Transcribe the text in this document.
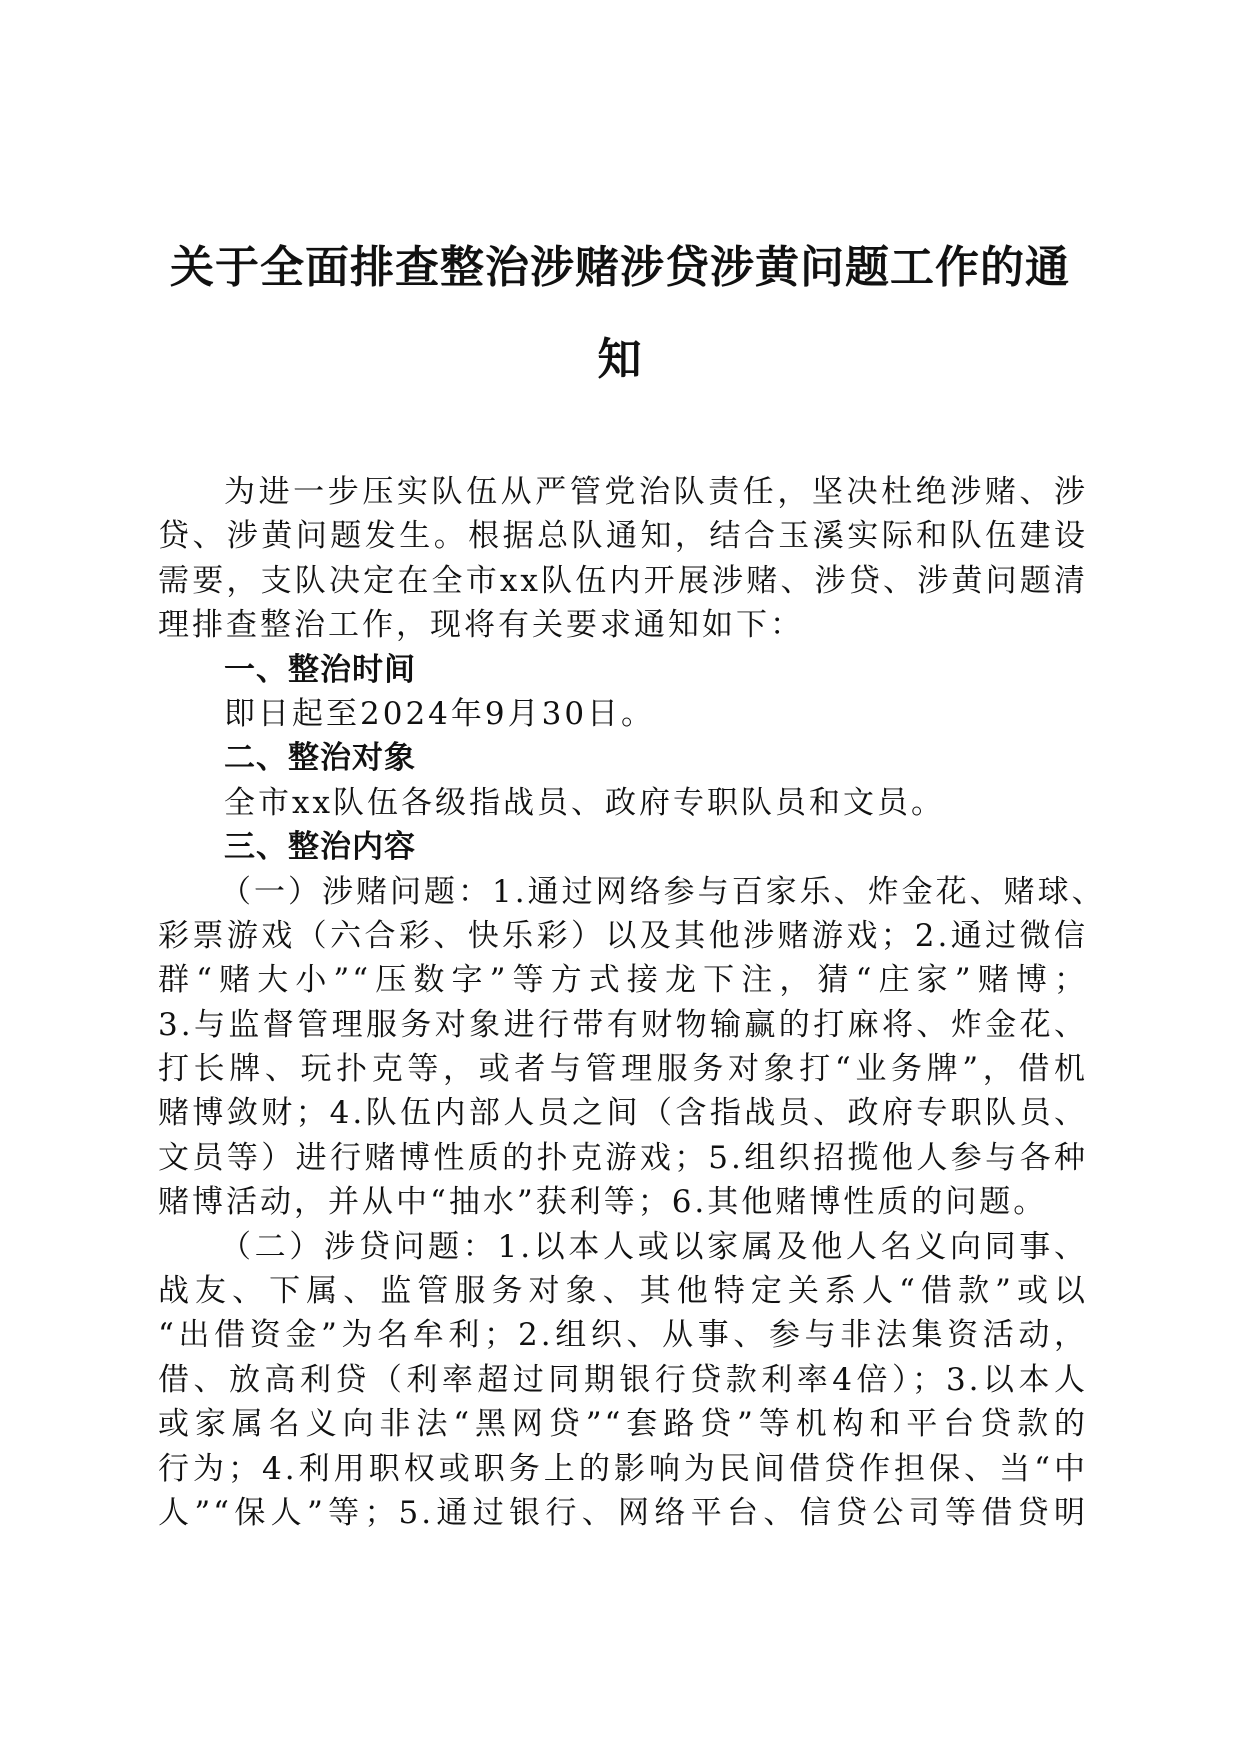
关于全面排查整治涉赌涉贷涉黄问题工作的通
知
为进一步压实队伍从严管党治队责任，坚决杜绝涉赌、涉
贷、涉黄问题发生。根据总队通知，结合玉溪实际和队伍建设
需要，支队决定在全市xx队伍内开展涉赌、涉贷、涉黄问题清
理排查整治工作，现将有关要求通知如下：
一、整治时间
即日起至2024年9月30日。
二、整治对象
全市xx队伍各级指战员、政府专职队员和文员。
三、整治内容
（一）涉赌问题：1.通过网络参与百家乐、炸金花、赌球、
彩票游戏（六合彩、快乐彩）以及其他涉赌游戏；2.通过微信
群“赌大小”“压数字”等方式接龙下注，猜“庄家”赌博；
3.与监督管理服务对象进行带有财物输赢的打麻将、炸金花、
打长牌、玩扑克等，或者与管理服务对象打“业务牌”，借机
赌博敛财；4.队伍内部人员之间（含指战员、政府专职队员、
文员等）进行赌博性质的扑克游戏；5.组织招揽他人参与各种
赌博活动，并从中“抽水”获利等；6.其他赌博性质的问题。
（二）涉贷问题：1.以本人或以家属及他人名义向同事、
战友、下属、监管服务对象、其他特定关系人“借款”或以
“出借资金”为名牟利；2.组织、从事、参与非法集资活动，
借、放高利贷（利率超过同期银行贷款利率4倍）；3.以本人
或家属名义向非法“黑网贷”“套路贷”等机构和平台贷款的
行为；4.利用职权或职务上的影响为民间借贷作担保、当“中
人”“保人”等；5.通过银行、网络平台、信贷公司等借贷明
